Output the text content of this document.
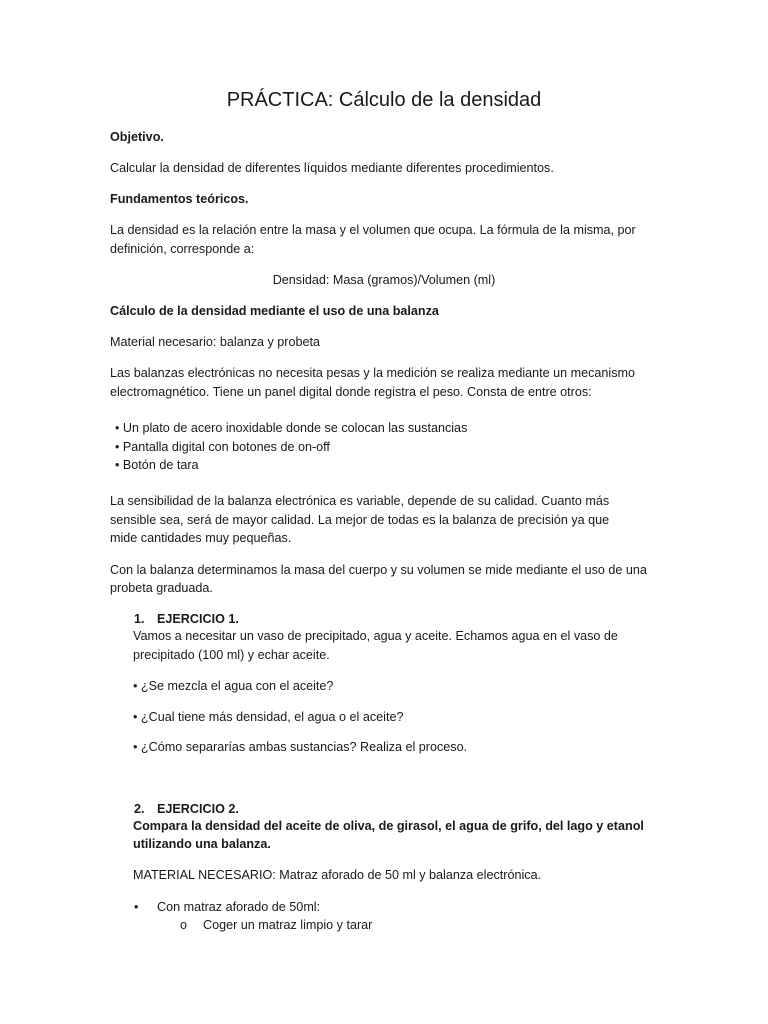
PRÁCTICA: Cálculo de la densidad

Objetivo.

Calcular la densidad de diferentes líquidos mediante diferentes procedimientos.

Fundamentos teóricos.

La densidad es la relación entre la masa y el volumen que ocupa. La fórmula de la misma, por

definición, corresponde a:

Densidad: Masa (gramos)/Volumen (ml)

Cálculo de la densidad mediante el uso de una balanza

Material necesario: balanza y probeta

Las balanzas electrónicas no necesita pesas y la medición se realiza mediante un mecanismo

electromagnético. Tiene un panel digital donde registra el peso. Consta de entre otros:

• Un plato de acero inoxidable donde se colocan las sustancias

• Pantalla digital con botones de on-off

• Botón de tara

La sensibilidad de la balanza electrónica es variable, depende de su calidad. Cuanto más

sensible sea, será de mayor calidad. La mejor de todas es la balanza de precisión ya que

mide cantidades muy pequeñas.

Con la balanza determinamos la masa del cuerpo y su volumen se mide mediante el uso de una

probeta graduada.

1. EJERCICIO 1.

Vamos a necesitar un vaso de precipitado, agua y aceite. Echamos agua en el vaso de

precipitado (100 ml) y echar aceite.

• ¿Se mezcla el agua con el aceite?

• ¿Cual tiene más densidad, el agua o el aceite?

• ¿Cómo separarías ambas sustancias? Realiza el proceso.

2. EJERCICIO 2.

Compara la densidad del aceite de oliva, de girasol, el agua de grifo, del lago y etanol

utilizando una balanza.

MATERIAL NECESARIO: Matraz aforado de 50 ml y balanza electrónica.

• Con matraz aforado de 50ml:

o Coger un matraz limpio y tarar
